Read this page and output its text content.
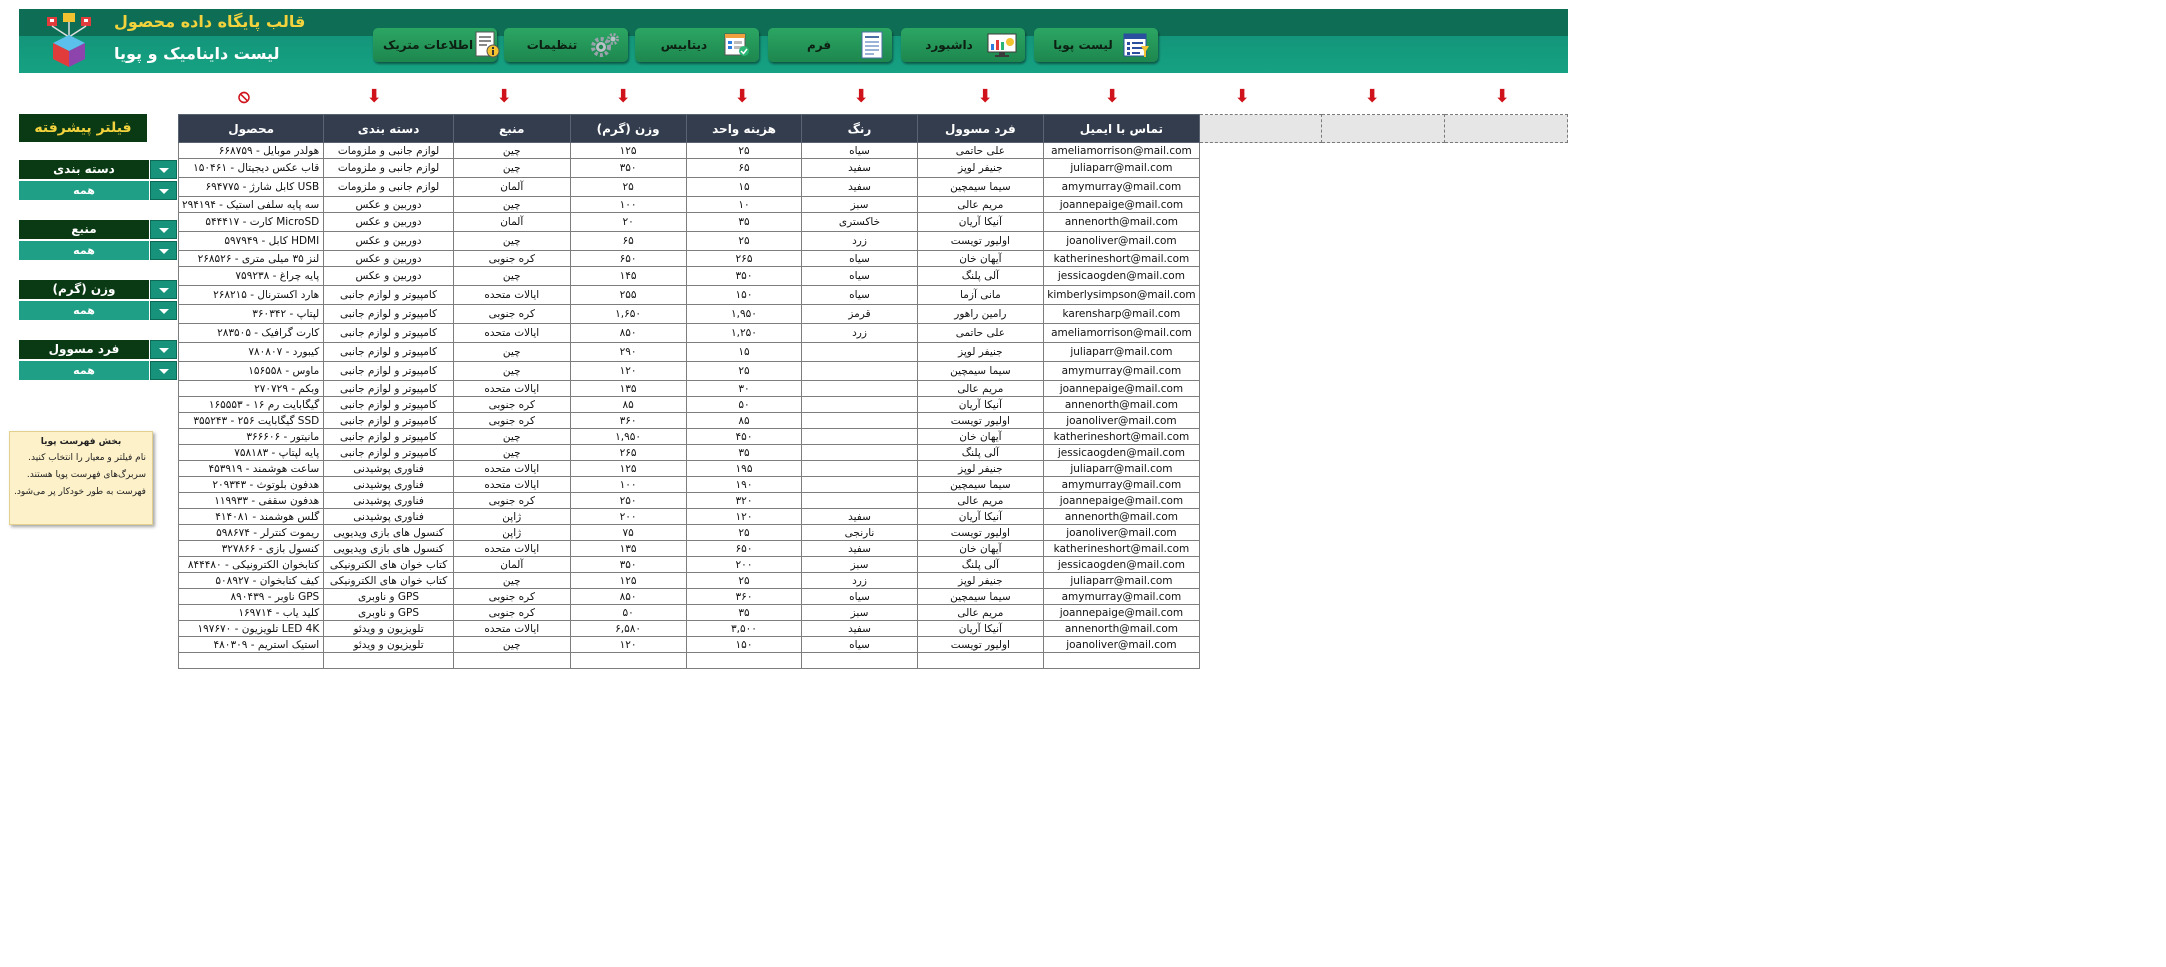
قالب پایگاه داده محصول
لیست داینامیک و پویا	لیست پویا
داشبورد
فرم
دیتابیس
تنظیمات
اطلاعات متریک
⦸	⬇	⬇	⬇	⬇	⬇	⬇	⬇	⬇	⬇	⬇
فیلتر پیشرفته
دسته بندی
همه
منبع
همه
وزن (گرم)
همه
فرد مسوول
همه
بخش فهرست پویا
نام فیلتر و معیار را انتخاب کنید.
سربرگ‌های فهرست پویا هستند.
فهرست به طور خودکار پر می‌شود.
محصول	دسته بندی	منبع	وزن (گرم)	هزینه واحد	رنگ	فرد مسوول	تماس با ایمیل			
هولدر موبایل - ۶۶۸۷۵۹	لوازم جانبی و ملزومات	چین	۱۲۵	۲۵	سیاه	علی حاتمی	ameliamorrison@mail.com			
قاب عکس دیجیتال - ۱۵۰۴۶۱	لوازم جانبی و ملزومات	چین	۳۵۰	۶۵	سفید	جنیفر لوپز	juliaparr@mail.com			
USB کابل شارژ - ۶۹۴۷۷۵	لوازم جانبی و ملزومات	آلمان	۲۵	۱۵	سفید	سیما سیمچین	amymurray@mail.com			
سه پایه سلفی استیک - ۲۹۴۱۹۴	دوربین و عکس	چین	۱۰۰	۱۰	سبز	مریم عالی	joannepaige@mail.com			
MicroSD کارت - ۵۴۴۴۱۷	دوربین و عکس	آلمان	۲۰	۳۵	خاکستری	آنیکا آریان	annenorth@mail.com			
HDMI کابل - ۵۹۷۹۴۹	دوربین و عکس	چین	۶۵	۲۵	زرد	اولیور تویست	joanoliver@mail.com			
لنز ۳۵ میلی متری - ۲۶۸۵۲۶	دوربین و عکس	کره جنوبی	۶۵۰	۲۶۵	سیاه	آیهان خان	katherineshort@mail.com			
پایه چراغ - ۷۵۹۲۳۸	دوربین و عکس	چین	۱۴۵	۳۵۰	سیاه	آلی پلنگ	jessicaogden@mail.com			
هارد اکسترنال - ۲۶۸۲۱۵	کامپیوتر و لوازم جانبی	ایالات متحده	۲۵۵	۱۵۰	سیاه	مانی آزما	kimberlysimpson@mail.com			
لپتاپ - ۳۶۰۳۴۲	کامپیوتر و لوازم جانبی	کره جنوبی	۱,۶۵۰	۱,۹۵۰	قرمز	رامین راهور	karensharp@mail.com			
کارت گرافیک - ۲۸۳۵۰۵	کامپیوتر و لوازم جانبی	ایالات متحده	۸۵۰	۱,۲۵۰	زرد	علی حاتمی	ameliamorrison@mail.com			
کیبورد - ۷۸۰۸۰۷	کامپیوتر و لوازم جانبی	چین	۲۹۰	۱۵		جنیفر لوپز	juliaparr@mail.com			
ماوس - ۱۵۶۵۵۸	کامپیوتر و لوازم جانبی	چین	۱۲۰	۲۵		سیما سیمچین	amymurray@mail.com			
وبکم - ۲۷۰۷۲۹	کامپیوتر و لوازم جانبی	ایالات متحده	۱۳۵	۳۰		مریم عالی	joannepaige@mail.com			
گیگابایت رم ۱۶ - ۱۶۵۵۵۳	کامپیوتر و لوازم جانبی	کره جنوبی	۸۵	۵۰		آنیکا آریان	annenorth@mail.com			
SSD گیگابایت ۲۵۶ - ۳۵۵۲۴۳	کامپیوتر و لوازم جانبی	کره جنوبی	۳۶۰	۸۵		اولیور تویست	joanoliver@mail.com			
مانیتور - ۳۶۶۶۰۶	کامپیوتر و لوازم جانبی	چین	۱,۹۵۰	۴۵۰		آیهان خان	katherineshort@mail.com			
پایه لپتاپ - ۷۵۸۱۸۳	کامپیوتر و لوازم جانبی	چین	۲۶۵	۳۵		آلی پلنگ	jessicaogden@mail.com			
ساعت هوشمند - ۴۵۳۹۱۹	فناوری پوشیدنی	ایالات متحده	۱۲۵	۱۹۵		جنیفر لوپز	juliaparr@mail.com			
هدفون بلوتوث - ۲۰۹۳۴۳	فناوری پوشیدنی	ایالات متحده	۱۰۰	۱۹۰		سیما سیمچین	amymurray@mail.com			
هدفون سقفی - ۱۱۹۹۳۳	فناوری پوشیدنی	کره جنوبی	۲۵۰	۳۲۰		مریم عالی	joannepaige@mail.com			
گلس هوشمند - ۴۱۴۰۸۱	فناوری پوشیدنی	ژاپن	۲۰۰	۱۲۰	سفید	آنیکا آریان	annenorth@mail.com			
ریموت کنترلر - ۵۹۸۶۷۴	کنسول های بازی ویدیویی	ژاپن	۷۵	۲۵	نارنجی	اولیور تویست	joanoliver@mail.com			
کنسول بازی - ۳۲۷۸۶۶	کنسول های بازی ویدیویی	ایالات متحده	۱۳۵	۶۵۰	سفید	آیهان خان	katherineshort@mail.com			
کتابخوان الکترونیکی - ۸۴۴۴۸۰	کتاب خوان های الکترونیکی	آلمان	۳۵۰	۲۰۰	سبز	آلی پلنگ	jessicaogden@mail.com			
کیف کتابخوان - ۵۰۸۹۲۷	کتاب خوان های الکترونیکی	چین	۱۲۵	۲۵	زرد	جنیفر لوپز	juliaparr@mail.com			
GPS ناوبر - ۸۹۰۴۳۹	GPS و ناوبری	کره جنوبی	۸۵۰	۳۶۰	سیاه	سیما سیمچین	amymurray@mail.com			
کلید یاب - ۱۶۹۷۱۴	GPS و ناوبری	کره جنوبی	۵۰	۳۵	سبز	مریم عالی	joannepaige@mail.com			
LED 4K تلویزیون - ۱۹۷۶۷۰	تلویزیون و ویدئو	ایالات متحده	۶,۵۸۰	۳,۵۰۰	سفید	آنیکا آریان	annenorth@mail.com			
استیک استریم - ۴۸۰۳۰۹	تلویزیون و ویدئو	چین	۱۲۰	۱۵۰	سیاه	اولیور تویست	joanoliver@mail.com			
